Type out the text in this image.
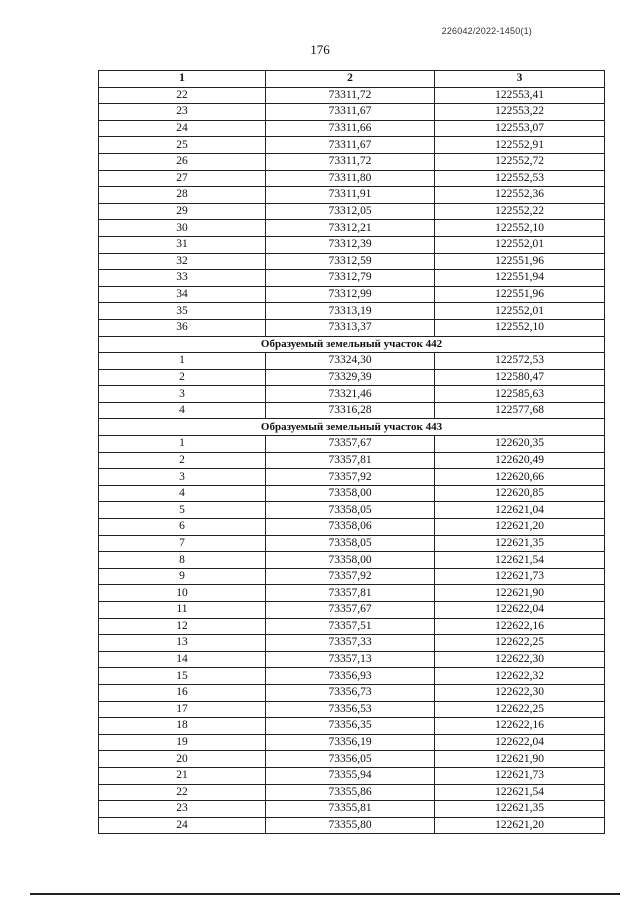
226042/2022-1450(1)
176
1	2	3
22	73311,72	122553,41
23	73311,67	122553,22
24	73311,66	122553,07
25	73311,67	122552,91
26	73311,72	122552,72
27	73311,80	122552,53
28	73311,91	122552,36
29	73312,05	122552,22
30	73312,21	122552,10
31	73312,39	122552,01
32	73312,59	122551,96
33	73312,79	122551,94
34	73312,99	122551,96
35	73313,19	122552,01
36	73313,37	122552,10
Образуемый земельный участок 442		
1	73324,30	122572,53
2	73329,39	122580,47
3	73321,46	122585,63
4	73316,28	122577,68
Образуемый земельный участок 443		
1	73357,67	122620,35
2	73357,81	122620,49
3	73357,92	122620,66
4	73358,00	122620,85
5	73358,05	122621,04
6	73358,06	122621,20
7	73358,05	122621,35
8	73358,00	122621,54
9	73357,92	122621,73
10	73357,81	122621,90
11	73357,67	122622,04
12	73357,51	122622,16
13	73357,33	122622,25
14	73357,13	122622,30
15	73356,93	122622,32
16	73356,73	122622,30
17	73356,53	122622,25
18	73356,35	122622,16
19	73356,19	122622,04
20	73356,05	122621,90
21	73355,94	122621,73
22	73355,86	122621,54
23	73355,81	122621,35
24	73355,80	122621,20
